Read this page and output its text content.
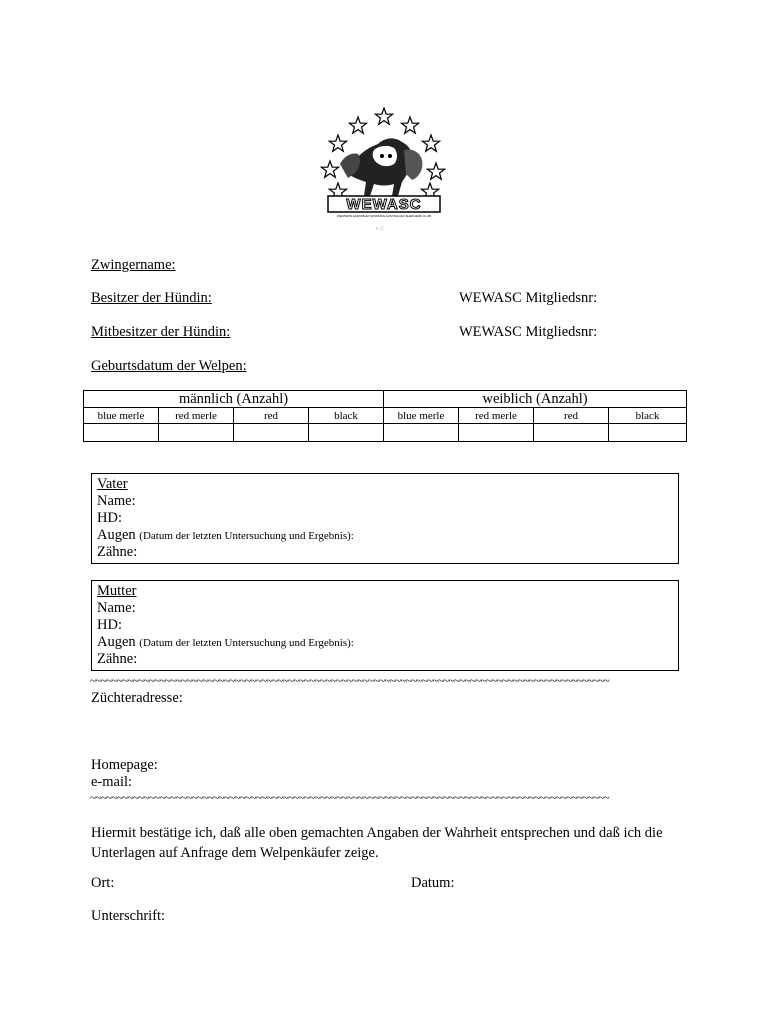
WEWASC
WESTERN EUROPEAN WORKING AUSTRALIAN SHEPHERD CLUB
e.V.
Zwingername:
Besitzer der Hündin:	WEWASC Mitgliedsnr:
Mitbesitzer der Hündin:	WEWASC Mitgliedsnr:
Geburtsdatum der Welpen:
männlich (Anzahl)				weiblich (Anzahl)			
blue merle	red merle	red	black	blue merle	red merle	red	black

Vater
Name:
HD:
Augen (Datum der letzten Untersuchung und Ergebnis):
Zähne:
Mutter
Name:
HD:
Augen (Datum der letzten Untersuchung und Ergebnis):
Zähne:
~~~~~~~~~~~~~~~~~~~~~~~~~~~~~~~~~~~~~~~~~~~~~~~~~~~~~~~~~~~~~~~~~~~~~~~~~~~~~~~~~~~~~~~~~~~~~~~~~
Züchteradresse:
Homepage:
e-mail:
~~~~~~~~~~~~~~~~~~~~~~~~~~~~~~~~~~~~~~~~~~~~~~~~~~~~~~~~~~~~~~~~~~~~~~~~~~~~~~~~~~~~~~~~~~~~~~~~~
Hiermit bestätige ich, daß alle oben gemachten Angaben der Wahrheit entsprechen und daß ich die Unterlagen auf Anfrage dem Welpenkäufer zeige.
Ort:	Datum:
Unterschrift:
